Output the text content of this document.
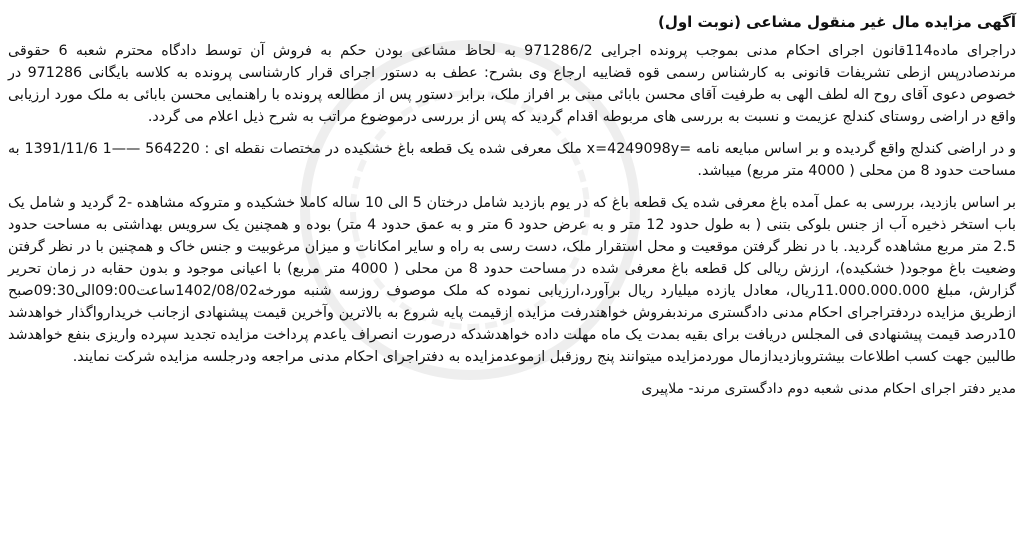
آگهی مزایده مال غیر منقول مشاعی (نوبت اول)

دراجرای ماده114قانون اجرای احکام مدنی بموجب پرونده اجرایی 971286/2 به لحاظ مشاعی بودن حکم به فروش آن توسط دادگاه محترم شعبه 6 حقوقی مرندصادرپس ازطی تشریفات قانونی به کارشناس رسمی قوه قضاییه ارجاع وی بشرح: عطف به دستور اجرای قرار کارشناسی پرونده به کلاسه بایگانی 971286 در خصوص دعوی آقای روح اله لطف الهی به طرفیت آقای محسن بابائی مبنی بر افراز ملک، برابر دستور پس از مطالعه پرونده با راهنمایی محسن بابائی به ملک مورد ارزیابی واقع در اراضی روستای کندلج عزیمت و نسبت به بررسی های مربوطه اقدام گردید که پس از بررسی درموضوع مراتب به شرح ذیل اعلام می گردد.

و در اراضی کندلج واقع گردیده و بر اساس مبایعه نامه =x=4249098y ملک معرفی شده یک قطعه باغ خشکیده در مختصات نقطه ای : 564220 ——1 1391/11/6 به مساحت حدود 8 من محلی ( 4000 متر مربع) میباشد.

بر اساس بازدید، بررسی به عمل آمده باغ معرفی شده یک قطعه باغ که در یوم بازدید شامل درختان 5 الی 10 ساله کاملا خشکیده و متروکه مشاهده -2 گردید و شامل یک باب استخر ذخیره آب از جنس بلوکی بتنی ( به طول حدود 12 متر و به عرض حدود 6 متر و به عمق حدود 4 متر) بوده و همچنین یک سرویس بهداشتی به مساحت حدود 2.5 متر مربع مشاهده گردید. با در نظر گرفتن موقعیت و محل استقرار ملک، دست رسی به راه و سایر امکانات و میزان مرغوبیت و جنس خاک و همچنین با در نظر گرفتن وضعیت باغ موجود( خشکیده)، ارزش ریالی کل قطعه باغ معرفی شده در مساحت حدود 8 من محلی ( 4000 متر مربع) با اعیانی موجود و بدون حقابه در زمان تحریر گزارش، مبلغ 11.000.000.000ریال، معادل یازده میلیارد ریال برآورد،ارزیابی نموده که ملک موصوف روزسه شنبه مورخه1402/08/02ساعت09:00الی09:30صبح ازطریق مزایده دردفتراجرای احکام مدنی دادگستری مرندبفروش خواهندرفت مزایده ازقیمت پایه شروع به بالاترین وآخرین قیمت پیشنهادی ازجانب خریدارواگذار خواهدشد 10درصد قیمت پیشنهادی فی المجلس دریافت برای بقیه بمدت یک ماه مهلت داده خواهدشدکه درصورت انصراف یاعدم پرداخت مزایده تجدید سپرده واریزی بنفع خواهدشد طالبین جهت کسب اطلاعات بیشتروبازدیدازمال موردمزایده میتوانند پنج روزقبل ازموعدمزایده به دفتراجرای احکام مدنی مراجعه ودرجلسه مزایده شرکت نمایند.

مدیر دفتر اجرای احکام مدنی شعبه دوم دادگستری مرند- ملاپیری
